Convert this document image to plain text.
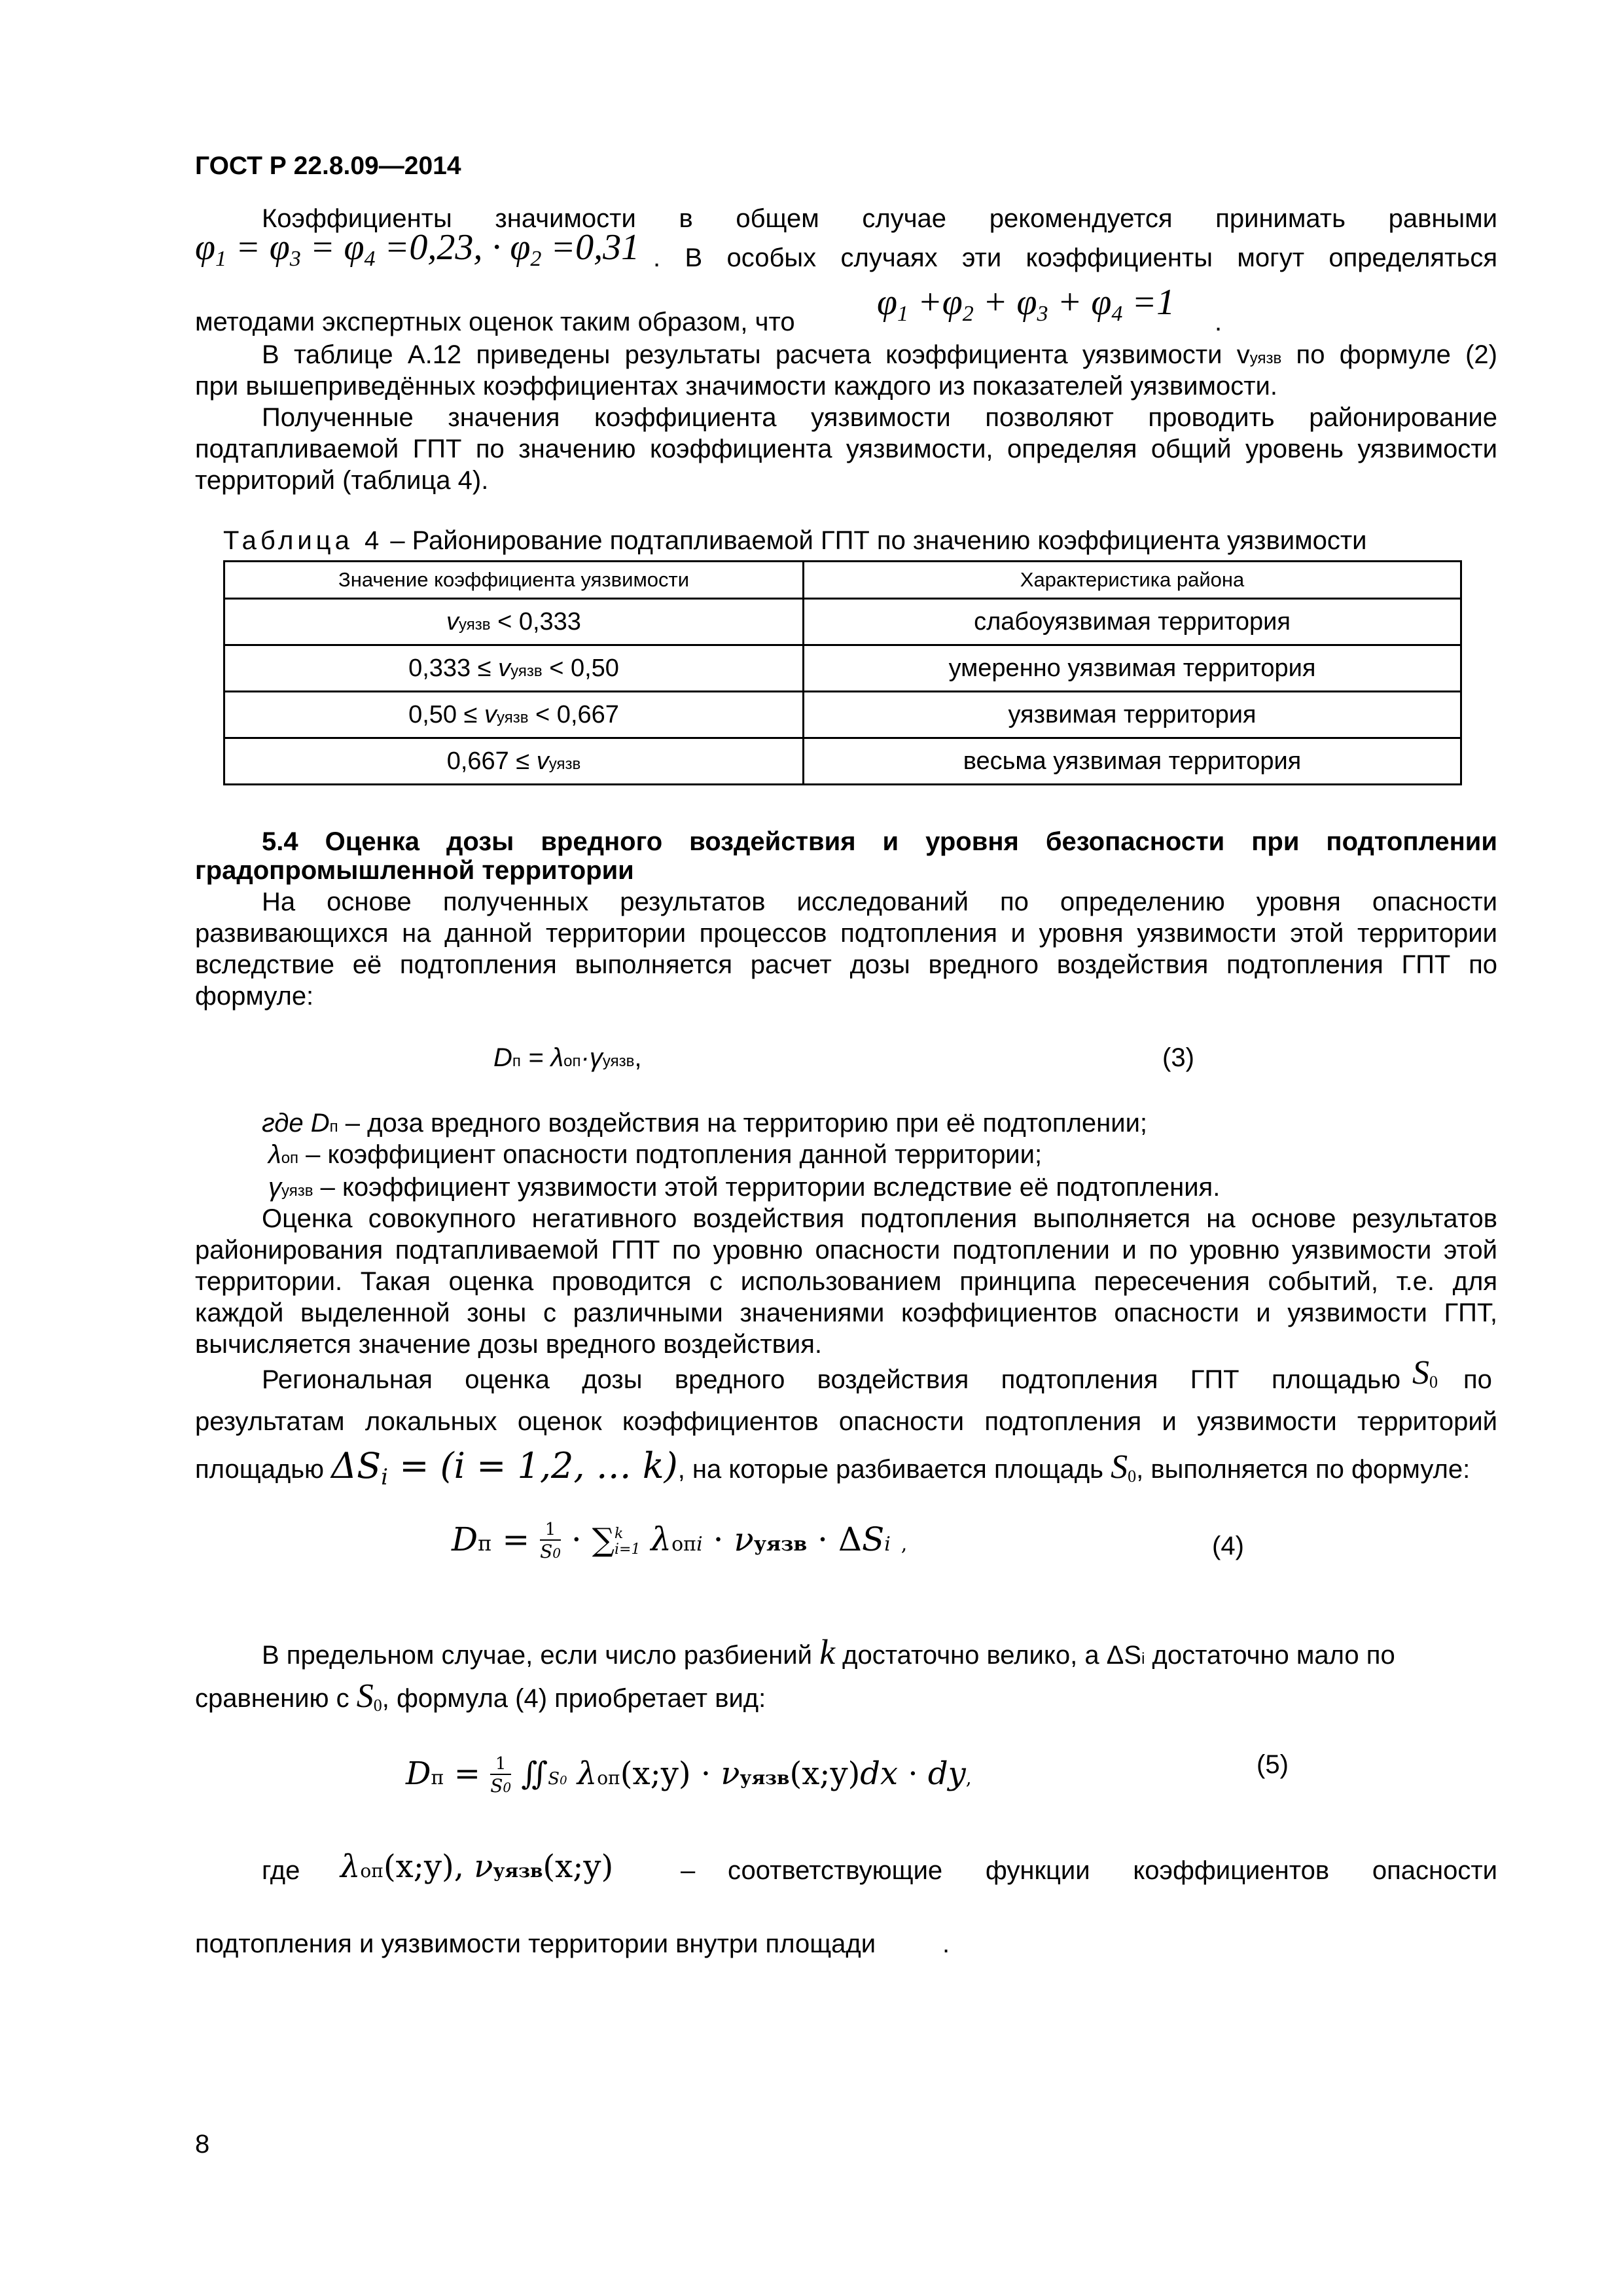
ГОСТ Р 22.8.09—2014
Коэффициенты значимости в общем случае рекомендуется принимать равными
φ1 = φ3 = φ4 =0,23, · φ2 =0,31 . В особых случаях эти коэффициенты могут определяться
методами экспертных оценок таким образом, что φ1 +φ2 + φ3 + φ4 =1 .
В таблице А.12 приведены результаты расчета коэффициента уязвимости vуязв по формуле (2)
при вышеприведённых коэффициентах значимости каждого из показателей уязвимости.
Полученные значения коэффициента уязвимости позволяют проводить районирование
подтапливаемой ГПТ по значению коэффициента уязвимости, определяя общий уровень уязвимости
территорий (таблица 4).
Таблица 4 – Районирование подтапливаемой ГПТ по значению коэффициента уязвимости
Значение коэффициента уязвимости	Характеристика района
vуязв < 0,333	слабоуязвимая территория
0,333 ≤ vуязв < 0,50	умеренно уязвимая территория
0,50 ≤ vуязв < 0,667	уязвимая территория
0,667 ≤ vуязв	весьма уязвимая территория
5.4 Оценка дозы вредного воздействия и уровня безопасности при подтоплении
градопромышленной территории
На основе полученных результатов исследований по определению уровня опасности
развивающихся на данной территории процессов подтопления и уровня уязвимости этой территории
вследствие её подтопления выполняется расчет дозы вредного воздействия подтопления ГПТ по
формуле:
Dп = λоп·γуязв,	(3)
где Dп – доза вредного воздействия на территорию при её подтоплении;
λоп – коэффициент опасности подтопления данной территории;
γуязв – коэффициент уязвимости этой территории вследствие её подтопления.
Оценка совокупного негативного воздействия подтопления выполняется на основе результатов
районирования подтапливаемой ГПТ по уровню опасности подтоплении и по уровню уязвимости этой
территории. Такая оценка проводится с использованием принципа пересечения событий, т.е. для
каждой выделенной зоны с различными значениями коэффициентов опасности и уязвимости ГПТ,
вычисляется значение дозы вредного воздействия.
Региональная оценка дозы вредного воздействия подтопления ГПТ площадью $S_0$ по
результатам локальных оценок коэффициентов опасности подтопления и уязвимости территорий
площадью ΔSi = (i = 1,2, … k), на которые разбивается площадь $S_0$, выполняется по формуле:
Dп = $\frac{1}{S0}$ · ∑ k
i=1 λопi · νуязв · ΔSi ,	(4)
В предельном случае, если число разбиений k достаточно велико, а ΔSi достаточно мало по
сравнению с $S_0$, формула (4) приобретает вид:
Dп = $\frac{1}{S0}$ ∬S0 λоп(x;y) · νуязв(x;y)dx · dy,	(5)
где λоп(x;y), νуязв(x;y)	– соответствующие функции коэффициентов опасности
подтопления и уязвимости территории внутри площади	.
8
